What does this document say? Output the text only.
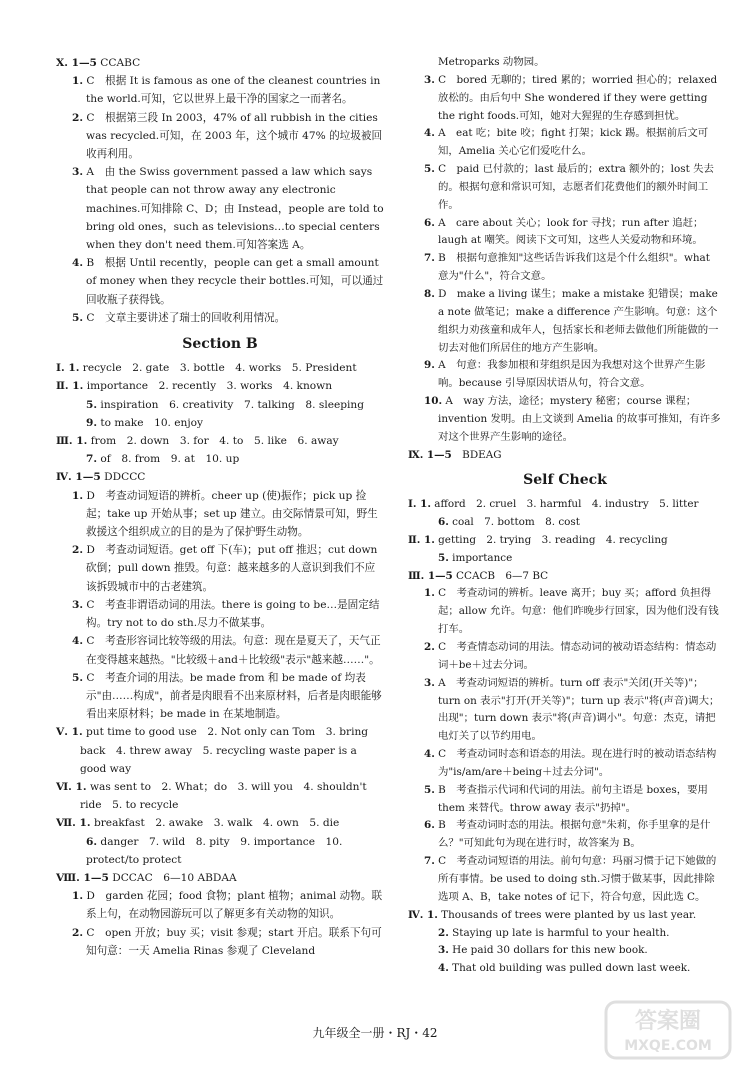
Ⅹ. 1—5 CCABC

1. C　根据 It is famous as one of the cleanest countries in the world.可知，它以世界上最干净的国家之一而著名。

2. C　根据第三段 In 2003，47% of all rubbish in the cities was recycled.可知，在 2003 年，这个城市 47% 的垃圾被回收再利用。

3. A　由 the Swiss government passed a law which says that people can not throw away any electronic machines.可知排除 C、D；由 Instead，people are told to bring old ones，such as televisions…to special centers when they don't need them.可知答案选 A。

4. B　根据 Until recently，people can get a small amount of money when they recycle their bottles.可知，可以通过回收瓶子获得钱。

5. C　文章主要讲述了瑞士的回收利用情况。

Section B

Ⅰ. 1. recycle　2. gate　3. bottle　4. works　5. President

Ⅱ. 1. importance　2. recently　3. works　4. known

5. inspiration　6. creativity　7. talking　8. sleeping

9. to make　10. enjoy

Ⅲ. 1. from　2. down　3. for　4. to　5. like　6. away

7. of　8. from　9. at　10. up

Ⅳ. 1—5 DDCCC

1. D　考查动词短语的辨析。cheer up (使)振作；pick up 捡起；take up 开始从事；set up 建立。由交际情景可知，野生救援这个组织成立的目的是为了保护野生动物。

2. D　考查动词短语。get off 下(车)；put off 推迟；cut down 砍倒；pull down 推毁。句意：越来越多的人意识到我们不应该拆毁城市中的古老建筑。

3. C　考查非谓语动词的用法。there is going to be…是固定结构。try not to do sth.尽力不做某事。

4. C　考查形容词比较等级的用法。句意：现在是夏天了，天气正在变得越来越热。"比较级＋and＋比较级"表示"越来越……"。

5. C　考查介词的用法。be made from 和 be made of 均表示"由……构成"，前者是肉眼看不出来原材料，后者是肉眼能够看出来原材料；be made in 在某地制造。

Ⅴ. 1. put time to good use　2. Not only can Tom　3. bring back　4. threw away　5. recycling waste paper is a good way

Ⅵ. 1. was sent to　2. What；do　3. will you　4. shouldn't ride　5. to recycle

Ⅶ. 1. breakfast　2. awake　3. walk　4. own　5. die

6. danger　7. wild　8. pity　9. importance　10. protect/to protect

Ⅷ. 1—5 DCCAC　6—10 ABDAA

1. D　garden 花园；food 食物；plant 植物；animal 动物。联系上句，在动物园游玩可以了解更多有关动物的知识。

2. C　open 开放；buy 买；visit 参观；start 开启。联系下句可知句意：一天 Amelia Rinas 参观了 Cleveland

Metroparks 动物园。

3. C　bored 无聊的；tired 累的；worried 担心的；relaxed 放松的。由后句中 She wondered if they were getting the right foods.可知，她对大猩猩的生存感到担忧。

4. A　eat 吃；bite 咬；fight 打架；kick 踢。根据前后文可知，Amelia 关心它们爱吃什么。

5. C　paid 已付款的；last 最后的；extra 额外的；lost 失去的。根据句意和常识可知，志愿者们花费他们的额外时间工作。

6. A　care about 关心；look for 寻找；run after 追赶；laugh at 嘲笑。阅读下文可知，这些人关爱动物和环境。

7. B　根据句意推知"这些话告诉我们这是个什么组织"。what 意为"什么"，符合文意。

8. D　make a living 谋生；make a mistake 犯错误；make a note 做笔记；make a difference 产生影响。句意：这个组织力劝孩童和成年人，包括家长和老师去做他们所能做的一切去对他们所居住的地方产生影响。

9. A　句意：我参加根和芽组织是因为我想对这个世界产生影响。because 引导原因状语从句，符合文意。

10. A　way 方法，途径；mystery 秘密；course 课程；invention 发明。由上文谈到 Amelia 的故事可推知，有许多对这个世界产生影响的途径。

Ⅸ. 1—5　BDEAG

Self Check

Ⅰ. 1. afford　2. cruel　3. harmful　4. industry　5. litter

6. coal　7. bottom　8. cost

Ⅱ. 1. getting　2. trying　3. reading　4. recycling

5. importance

Ⅲ. 1—5 CCACB　6—7 BC

1. C　考查动词的辨析。leave 离开；buy 买；afford 负担得起；allow 允许。句意：他们昨晚步行回家，因为他们没有钱打车。

2. C　考查情态动词的用法。情态动词的被动语态结构：情态动词＋be＋过去分词。

3. A　考查动词短语的辨析。turn off 表示"关闭(开关等)"；turn on 表示"打开(开关等)"；turn up 表示"将(声音)调大；出现"；turn down 表示"将(声音)调小"。句意：杰克，请把电灯关了以节约用电。

4. C　考查动词时态和语态的用法。现在进行时的被动语态结构为"is/am/are＋being＋过去分词"。

5. B　考查指示代词和代词的用法。前句主语是 boxes，要用 them 来替代。throw away 表示"扔掉"。

6. B　考查动词时态的用法。根据句意"朱莉，你手里拿的是什么？"可知此句为现在进行时，故答案为 B。

7. C　考查动词短语的用法。前句句意：玛丽习惯于记下她做的所有事情。be used to doing sth.习惯于做某事，因此排除选项 A、B，take notes of 记下，符合句意，因此选 C。

Ⅳ. 1. Thousands of trees were planted by us last year.

2. Staying up late is harmful to your health.

3. He paid 30 dollars for this new book.

4. That old building was pulled down last week.

九年级全一册・RJ・42	答案圈
MXQE.COM
